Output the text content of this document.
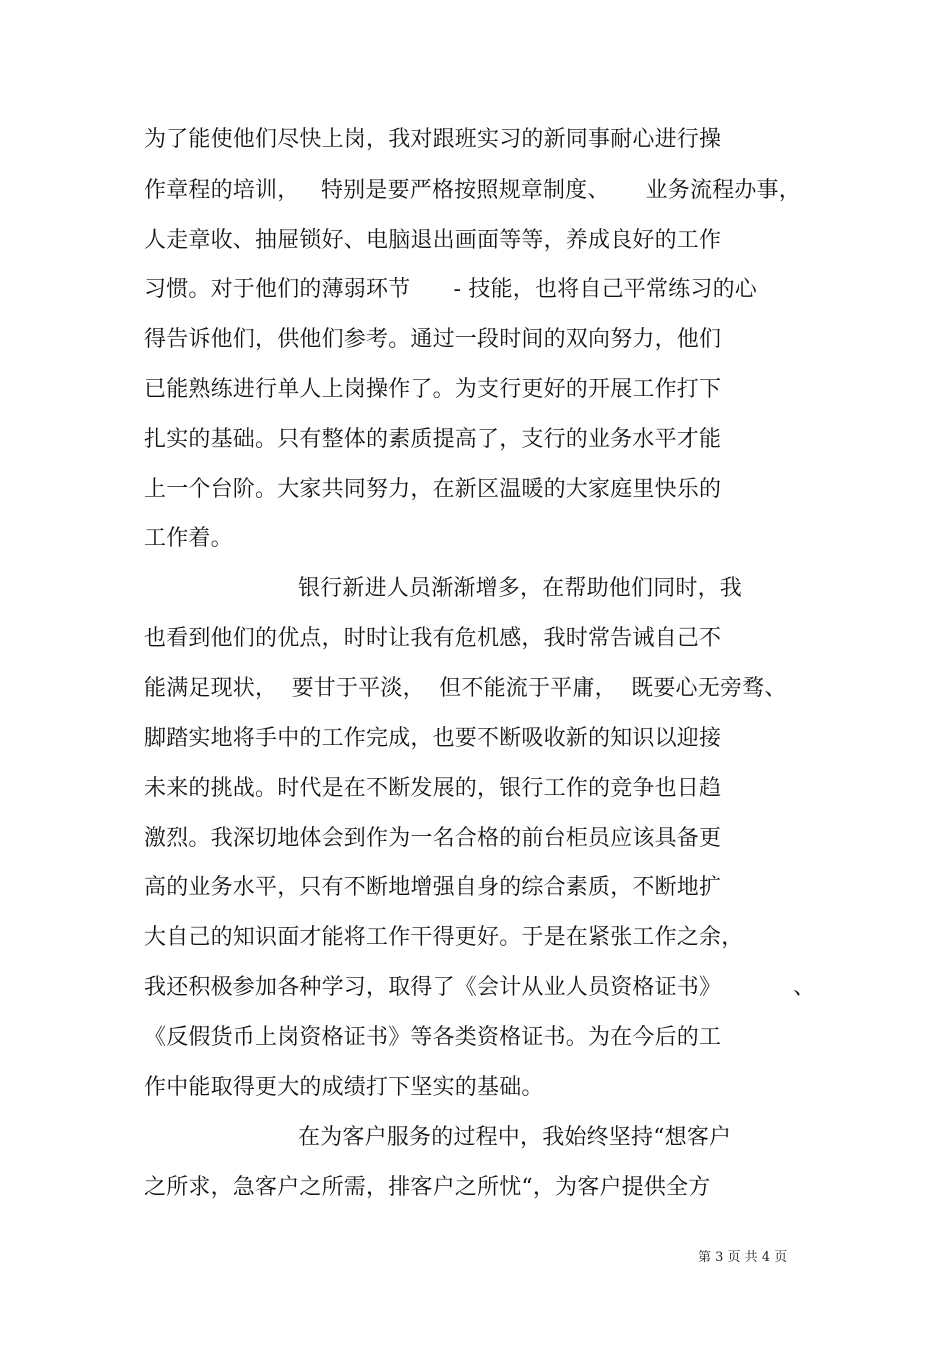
为了能使他们尽快上岗，我对跟班实习的新同事耐心进行操
作章程的培训，   特别是要严格按照规章制度、     业务流程办事，
人走章收、抽屉锁好、电脑退出画面等等，养成良好的工作
习惯。对于他们的薄弱环节      - 技能，也将自己平常练习的心
得告诉他们，供他们参考。通过一段时间的双向努力，他们
已能熟练进行单人上岗操作了。为支行更好的开展工作打下
扎实的基础。只有整体的素质提高了，支行的业务水平才能
上一个台阶。大家共同努力，在新区温暖的大家庭里快乐的
工作着。
银行新进人员渐渐增多，在帮助他们同时，我
也看到他们的优点，时时让我有危机感，我时常告诫自己不
能满足现状，  要甘于平淡，  但不能流于平庸，  既要心无旁骛、
脚踏实地将手中的工作完成，也要不断吸收新的知识以迎接
未来的挑战。时代是在不断发展的，银行工作的竞争也日趋
激烈。我深切地体会到作为一名合格的前台柜员应该具备更
高的业务水平，只有不断地增强自身的综合素质，不断地扩
大自己的知识面才能将工作干得更好。于是在紧张工作之余，
我还积极参加各种学习，取得了《会计从业人员资格证书》          、
《反假货币上岗资格证书》等各类资格证书。为在今后的工
作中能取得更大的成绩打下坚实的基础。
在为客户服务的过程中，我始终坚持“想客户
之所求，急客户之所需，排客户之所忧“，为客户提供全方
第 3 页 共 4 页
